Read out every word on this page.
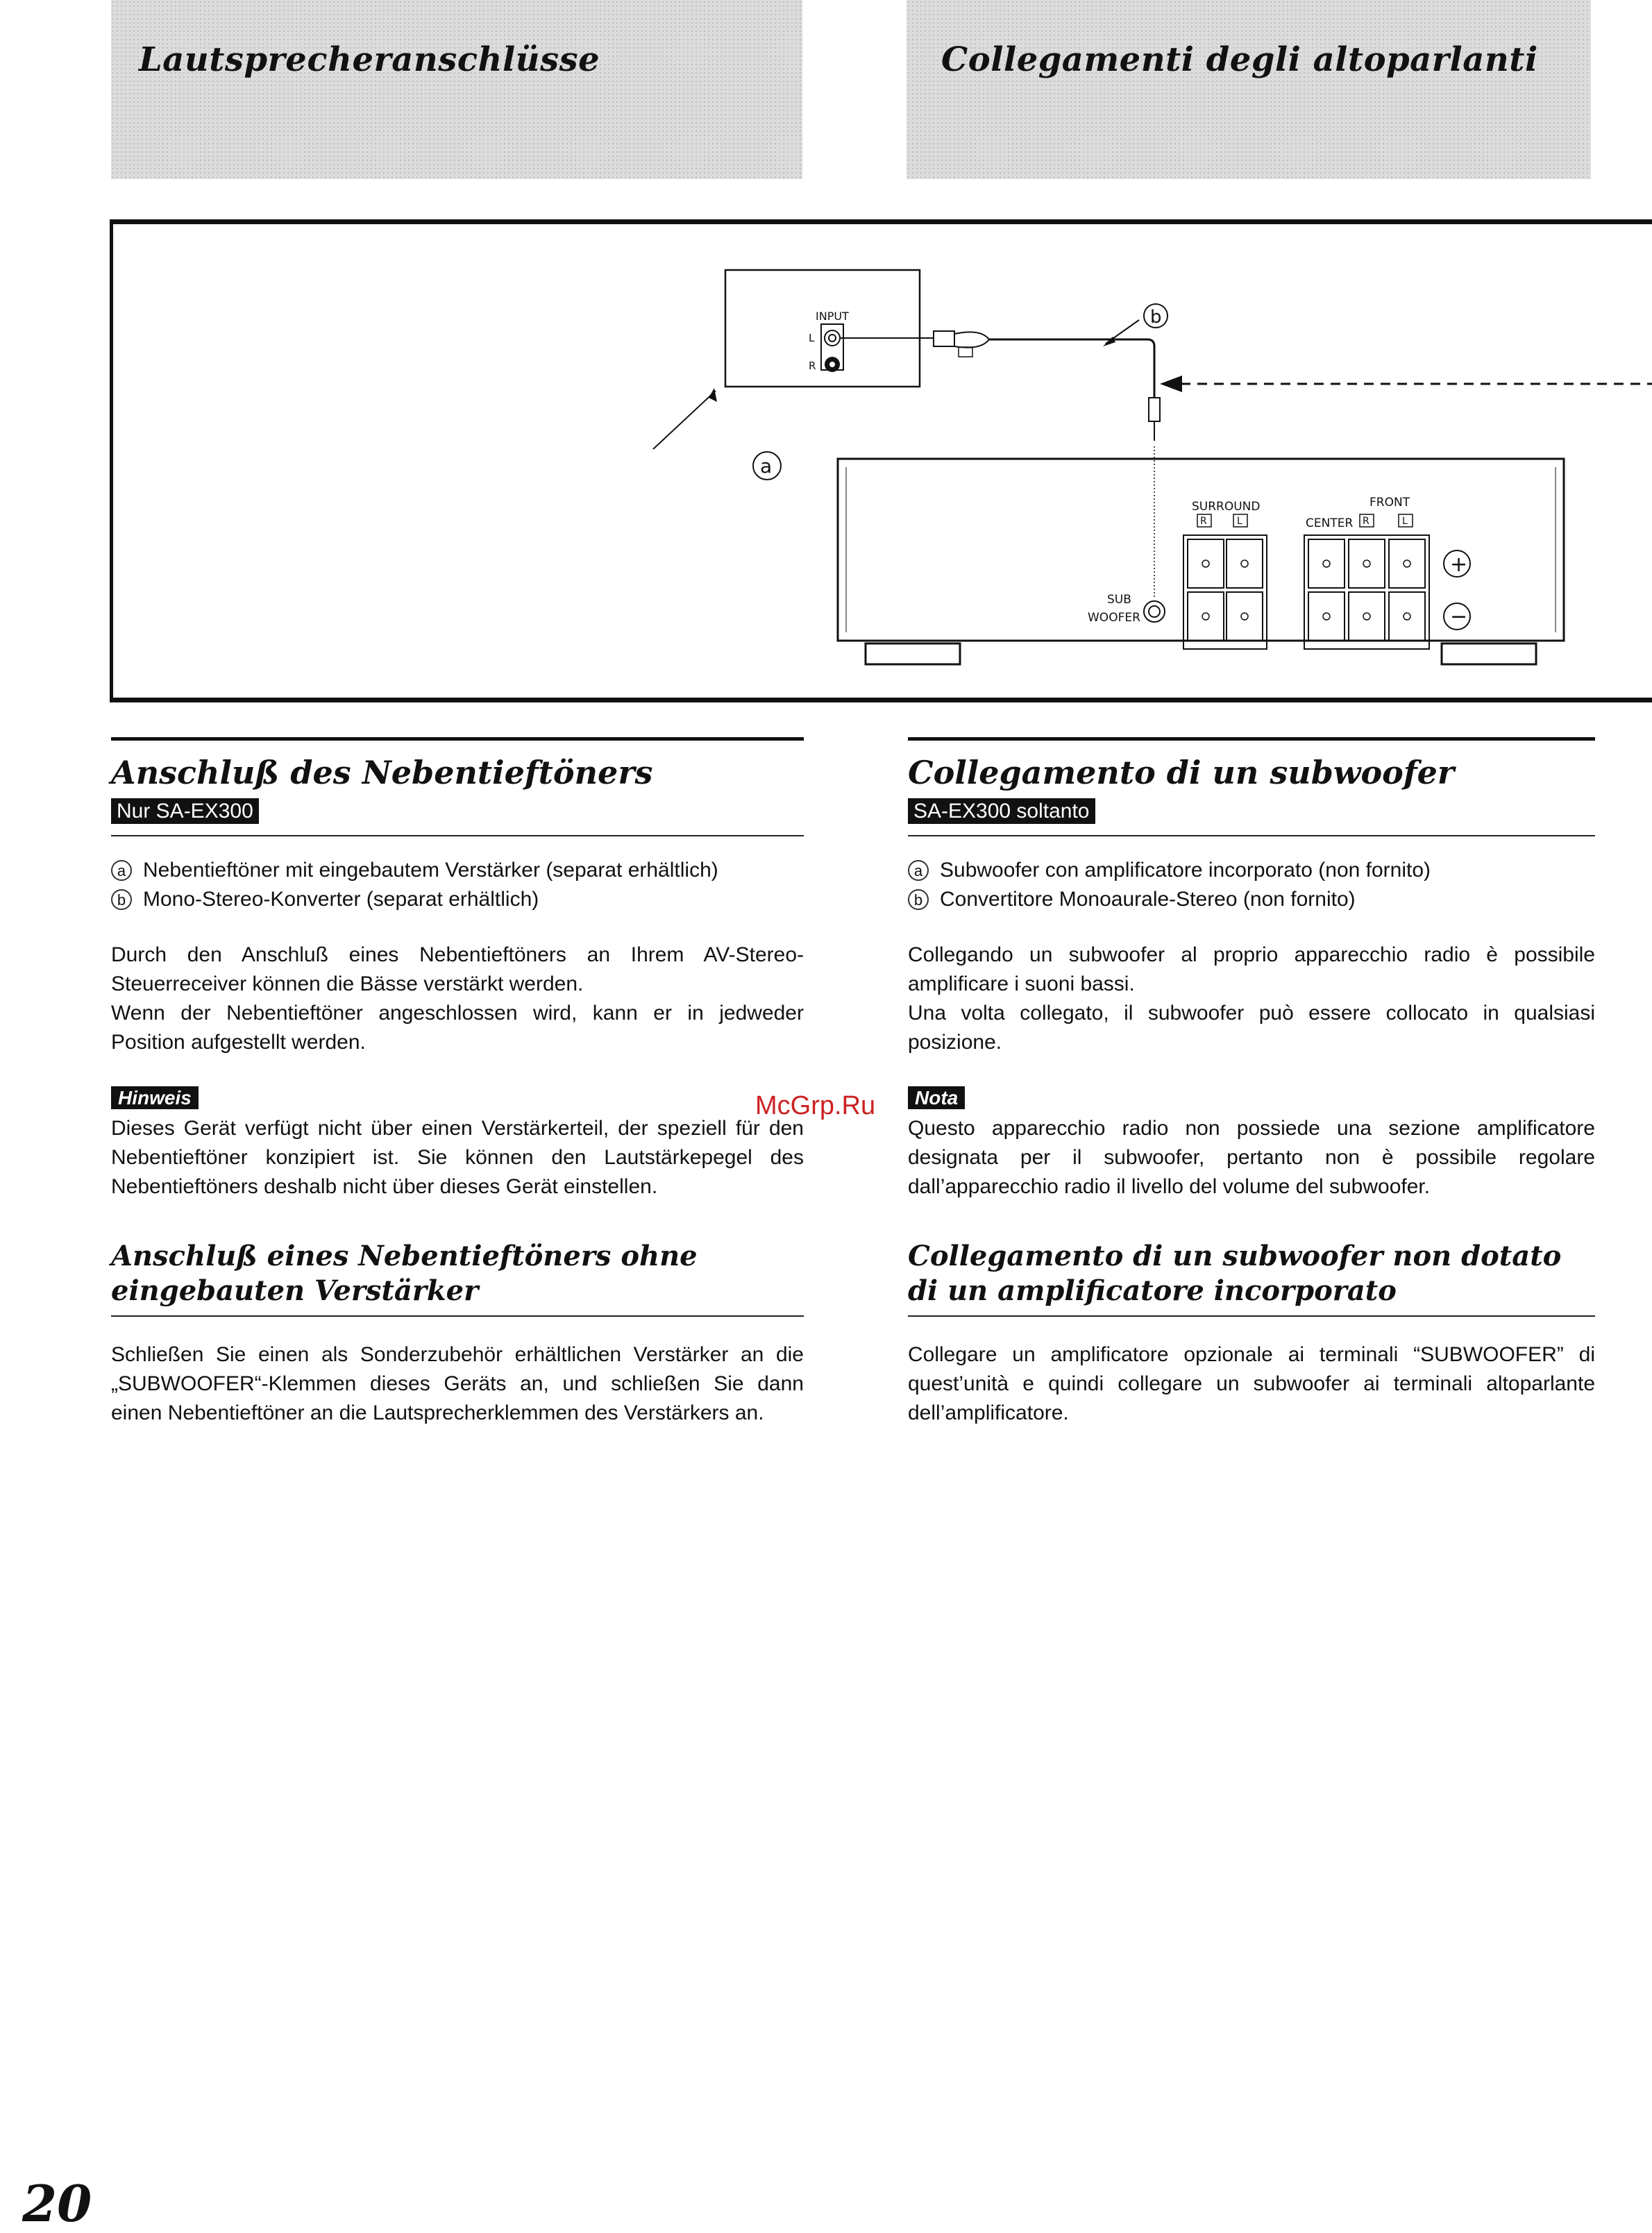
Lautsprecheranschlüsse	Collegamenti degli altoparlanti
INPUT
L
R
b
a
SURROUND
R	L
FRONT
CENTER R	L
+
−
SUB
WOOFER
Anschluß des Nebentieftöners
Nur SA-EX300
a Nebentieftöner mit eingebautem Verstärker (separat erhältlich)
b Mono-Stereo-Konverter (separat erhältlich)

Durch den Anschluß eines Nebentieftöners an Ihrem AV-Stereo-Steuerreceiver können die Bässe verstärkt werden.

Wenn der Nebentieftöner angeschlossen wird, kann er in jedweder Position aufgestellt werden.

Hinweis

Dieses Gerät verfügt nicht über einen Verstärkerteil, der speziell für den Nebentieftöner konzipiert ist. Sie können den Lautstärkepegel des Nebentieftöners deshalb nicht über dieses Gerät einstellen.

Anschluß eines Nebentieftöners ohne eingebauten Verstärker

Schließen Sie einen als Sonderzubehör erhältlichen Verstärker an die „SUBWOOFER“-Klemmen dieses Geräts an, und schließen Sie dann einen Nebentieftöner an die Lautsprecherklemmen des Verstärkers an.

Collegamento di un subwoofer
SA-EX300 soltanto
a Subwoofer con amplificatore incorporato (non fornito)
b Convertitore Monoaurale-Stereo (non fornito)

Collegando un subwoofer al proprio apparecchio radio è possibile amplificare i suoni bassi.

Una volta collegato, il subwoofer può essere collocato in qualsiasi posizione.

Nota

Questo apparecchio radio non possiede una sezione amplificatore designata per il subwoofer, pertanto non è possibile regolare dall’apparecchio radio il livello del volume del subwoofer.

Collegamento di un subwoofer non dotato di un amplificatore incorporato

Collegare un amplificatore opzionale ai terminali “SUBWOOFER” di quest’unità e quindi collegare un subwoofer ai terminali altoparlante dell’amplificatore.

McGrp.Ru
20
